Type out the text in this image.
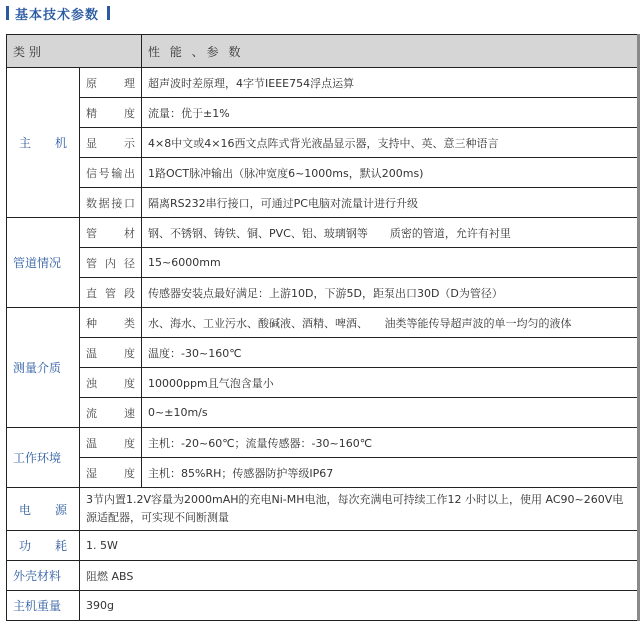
基本技术参数
类 别		性 能 、参 数
主　　机	原　理	超声波时差原理，4字节IEEE754浮点运算
	精　度	流量：优于±1%
	显　示	4×8中文或4×16西文点阵式背光液晶显示器，支持中、英、意三种语言
	信号输出	1路OCT脉冲输出（脉冲宽度6~1000ms，默认200ms)
	数据接口	隔离RS232串行接口，可通过PC电脑对流量计进行升级
管道情况	管　材	钢、不锈钢、铸铁、铜、PVC、铝、玻璃钢等　　质密的管道，允许有衬里
	管内径	15~6000mm
	直管段	传感器安装点最好满足：上游10D，下游5D，距泵出口30D（D为管径）
测量介质	种　类	水、海水、工业污水、酸碱液、酒精、啤酒、　　油类等能传导超声波的单一均匀的液体
	温　度	温度：-30~160℃
	浊　度	10000ppm且气泡含量小
	流　速	0~±10m/s
工作环境	温　度	主机：-20~60℃；流量传感器：-30~160℃
	湿　度	主机：85%RH；传感器防护等级IP67
电　源	3节内置1.2V容量为2000mAH的充电Ni-MH电池，每次充满电可持续工作12 小时以上，使用 AC90~260V电源适配器，可实现不间断测量	
功　耗	1. 5W	
外壳材料	阻燃 ABS	
主机重量	390g	
